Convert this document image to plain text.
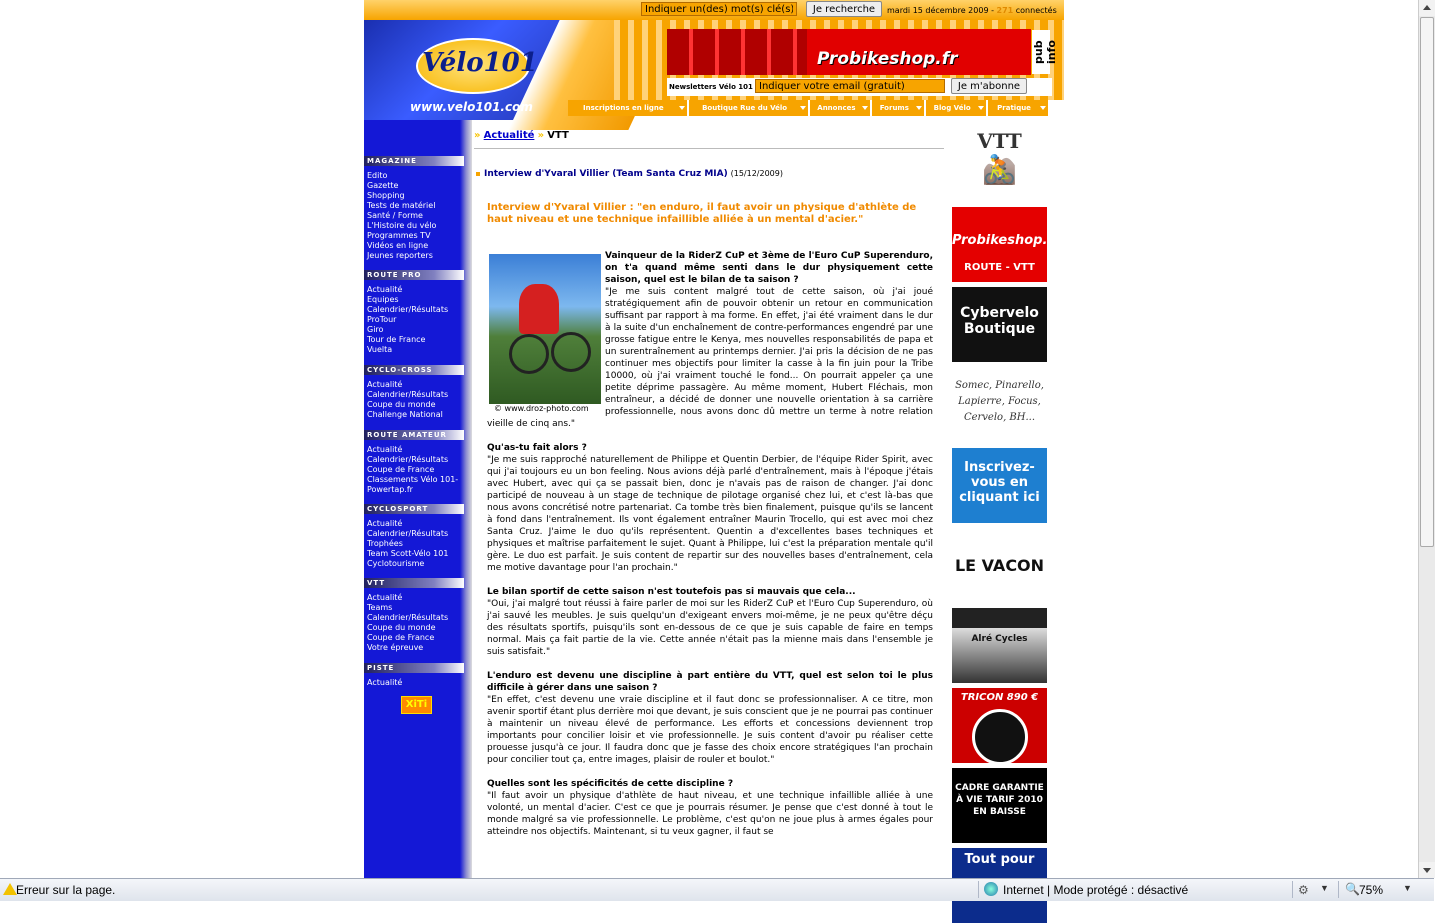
Indiquer un(des) mot(s) clé(s)
Je recherche	mardi 15 décembre 2009 - 271 connectés
Vélo101
www.velo101.com
Probikeshop.fr	pub info
Newsletters Vélo 101
Indiquer votre email (gratuit)	Je m'abonne
Inscriptions en ligne	Boutique Rue du Vélo	Annonces	Forums	Blog Vélo	Pratique
MAGAZINE
Edito
Gazette
Shopping
Tests de matériel
Santé / Forme
L'Histoire du vélo
Programmes TV
Vidéos en ligne
Jeunes reporters
ROUTE PRO
Actualité
Equipes
Calendrier/Résultats
ProTour
Giro
Tour de France
Vuelta
CYCLO-CROSS
Actualité
Calendrier/Résultats
Coupe du monde
Challenge National
ROUTE AMATEUR
Actualité
Calendrier/Résultats
Coupe de France
Classements Vélo 101-
Powertap.fr
CYCLOSPORT
Actualité
Calendrier/Résultats
Trophées
Team Scott-Vélo 101
Cyclotourisme
VTT
Actualité
Teams
Calendrier/Résultats
Coupe du monde
Coupe de France
Votre épreuve
PISTE
Actualité
XiTi
» Actualité » VTT
Interview d'Yvaral Villier (Team Santa Cruz MIA) (15/12/2009)
Interview d'Yvaral Villier : "en enduro, il faut avoir un physique d'athlète de haut niveau et une technique infaillible alliée à un mental d'acier."
© www.droz-photo.com
Vainqueur de la RiderZ CuP et 3ème de l'Euro CuP Superenduro, on t'a quand même senti dans le dur physiquement cette saison, quel est le bilan de ta saison ?
"Je me suis content malgré tout de cette saison, où j'ai joué stratégiquement afin de pouvoir obtenir un retour en communication suffisant par rapport à ma forme. En effet, j'ai été vraiment dans le dur à la suite d'un enchaînement de contre-performances engendré par une grosse fatigue entre le Kenya, mes nouvelles responsabilités de papa et un surentraînement au printemps dernier. J'ai pris la décision de ne pas continuer mes objectifs pour limiter la casse à la fin juin pour la Tribe 10000, où j'ai vraiment touché le fond... On pourrait appeler ça une petite déprime passagère. Au même moment, Hubert Fléchais, mon entraîneur, a décidé de donner une nouvelle orientation à sa carrière professionnelle, nous avons donc dû mettre un terme à notre relation vieille de cinq ans."
Qu'as-tu fait alors ?
"Je me suis rapproché naturellement de Philippe et Quentin Derbier, de l'équipe Rider Spirit, avec qui j'ai toujours eu un bon feeling. Nous avions déjà parlé d'entraînement, mais à l'époque j'étais avec Hubert, avec qui ça se passait bien, donc je n'avais pas de raison de changer. J'ai donc participé de nouveau à un stage de technique de pilotage organisé chez lui, et c'est là-bas que nous avons concrétisé notre partenariat. Ca tombe très bien finalement, puisque qu'ils se lancent à fond dans l'entraînement. Ils vont également entraîner Maurin Trocello, qui est avec moi chez Santa Cruz. J'aime le duo qu'ils représentent. Quentin a d'excellentes bases techniques et physiques et maîtrise parfaitement le sujet. Quant à Philippe, lui c'est la préparation mentale qu'il gère. Le duo est parfait. Je suis content de repartir sur des nouvelles bases d'entraînement, cela me motive davantage pour l'an prochain."
Le bilan sportif de cette saison n'est toutefois pas si mauvais que cela...
"Oui, j'ai malgré tout réussi à faire parler de moi sur les RiderZ CuP et l'Euro Cup Superenduro, où j'ai sauvé les meubles. Je suis quelqu'un d'exigeant envers moi-même, je ne peux qu'être déçu des résultats sportifs, puisqu'ils sont en-dessous de ce que je suis capable de faire en temps normal. Mais ça fait partie de la vie. Cette année n'était pas la mienne mais dans l'ensemble je suis satisfait."
L'enduro est devenu une discipline à part entière du VTT, quel est selon toi le plus difficile à gérer dans une saison ?
"En effet, c'est devenu une vraie discipline et il faut donc se professionnaliser. A ce titre, mon avenir sportif étant plus derrière moi que devant, je suis conscient que je ne pourrai pas continuer à maintenir un niveau élevé de performance. Les efforts et concessions deviennent trop importants pour concilier loisir et vie professionnelle. Je suis content d'avoir pu réaliser cette prouesse jusqu'à ce jour. Il faudra donc que je fasse des choix encore stratégiques l'an prochain pour concilier tout ça, entre images, plaisir de rouler et boulot."
Quelles sont les spécificités de cette discipline ?
"Il faut avoir un physique d'athlète de haut niveau, et une technique infaillible alliée à une volonté, un mental d'acier. C'est ce que je pourrais résumer. Je pense que c'est donné à tout le monde malgré sa vie professionnelle. Le problème, c'est qu'on ne joue plus à armes égales pour atteindre nos objectifs. Maintenant, si tu veux gagner, il faut se
VTT
🚵
Probikeshop.fr
ROUTE - VTT
Cybervelo Boutique
Somec, Pinarello, Lapierre, Focus, Cervelo, BH...
Inscrivez-vous en cliquant ici
LE VACON
Alré Cycles
TRICON 890 €
CADRE GARANTIE À VIE TARIF 2010 EN BAISSE
Tout pour
Erreur sur la page.	Internet | Mode protégé : désactivé	⚙ ▼ 🔍 75% ▼
